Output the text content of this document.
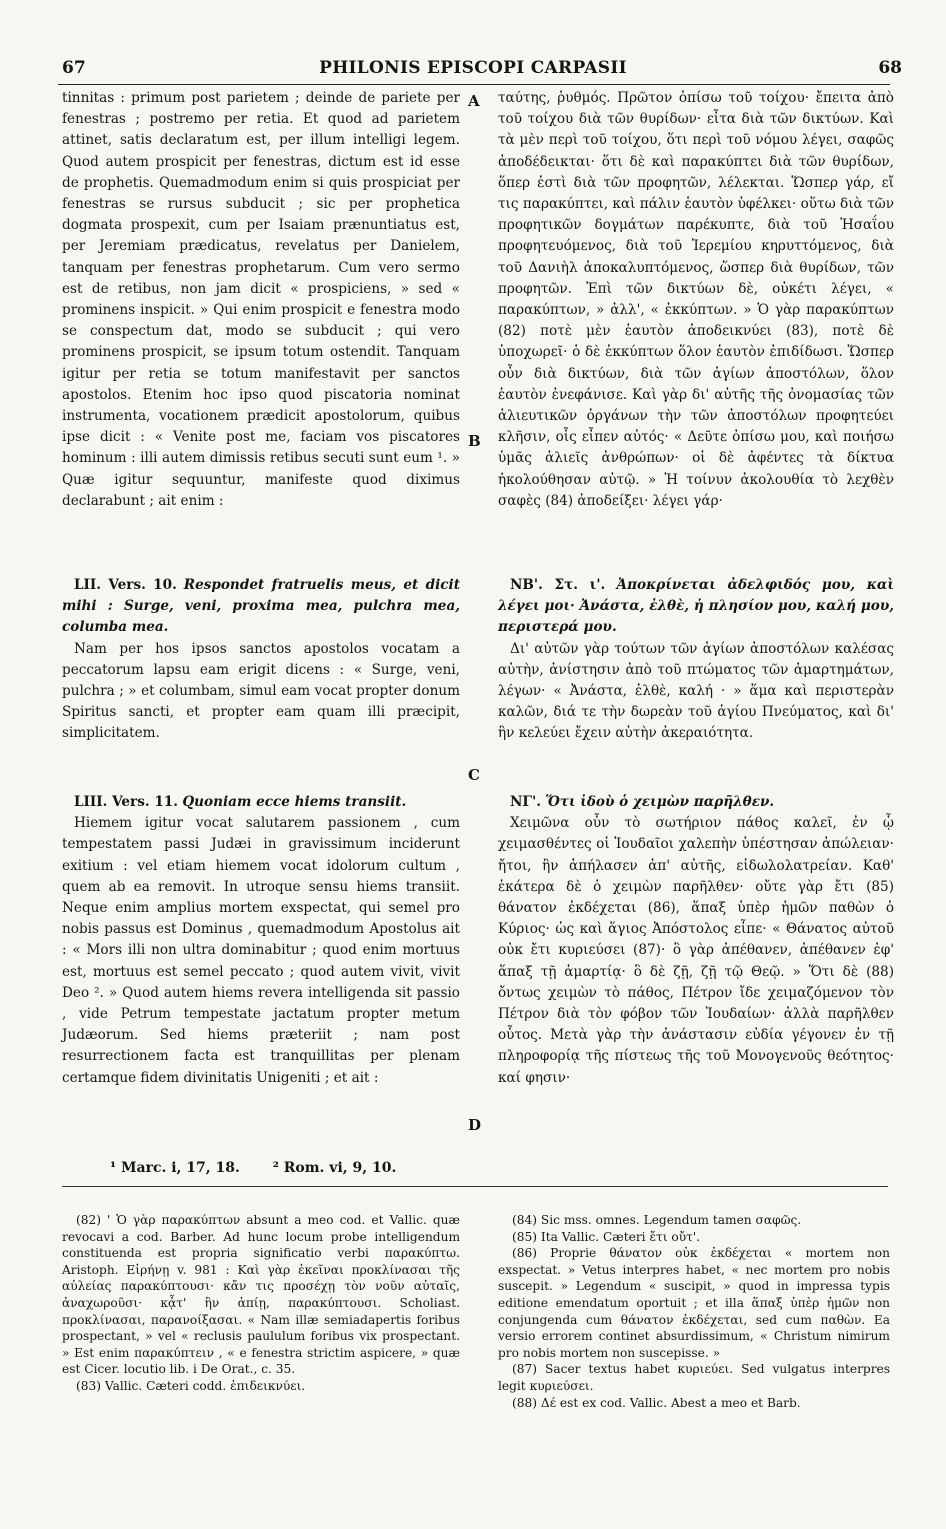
67	PHILONIS EPISCOPI CARPASII	68

tinnitas : primum post parietem ; deinde de pariete per fenestras ; postremo per retia. Et quod ad parietem attinet, satis declaratum est, per illum intelligi legem. Quod autem prospicit per fenestras, dictum est id esse de prophetis. Quemadmodum enim si quis prospiciat per fenestras se rursus subducit ; sic per prophetica dogmata prospexit, cum per Isaiam prænuntiatus est, per Jeremiam prædicatus, revelatus per Danielem, tanquam per fenestras prophetarum. Cum vero sermo est de retibus, non jam dicit « prospiciens, » sed « prominens inspicit. » Qui enim prospicit e fenestra modo se conspectum dat, modo se subducit ; qui vero prominens prospicit, se ipsum totum ostendit. Tanquam igitur per retia se totum manifestavit per sanctos apostolos. Etenim hoc ipso quod piscatoria nominat instrumenta, vocationem prædicit apostolorum, quibus ipse dicit : « Venite post me, faciam vos piscatores hominum : illi autem dimissis retibus secuti sunt eum ¹. » Quæ igitur sequuntur, manifeste quod diximus declarabunt ; ait enim :

LII. Vers. 10. Respondet fratruelis meus, et dicit mihi : Surge, veni, proxima mea, pulchra mea, columba mea.

Nam per hos ipsos sanctos apostolos vocatam a peccatorum lapsu eam erigit dicens : « Surge, veni, pulchra ; » et columbam, simul eam vocat propter donum Spiritus sancti, et propter eam quam illi præcipit, simplicitatem.

LIII. Vers. 11. Quoniam ecce hiems transiit.

Hiemem igitur vocat salutarem passionem , cum tempestatem passi Judæi in gravissimum inciderunt exitium : vel etiam hiemem vocat idolorum cultum , quem ab ea removit. In utroque sensu hiems transiit. Neque enim amplius mortem exspectat, qui semel pro nobis passus est Dominus , quemadmodum Apostolus ait : « Mors illi non ultra dominabitur ; quod enim mortuus est, mortuus est semel peccato ; quod autem vivit, vivit Deo ². » Quod autem hiems revera intelligenda sit passio , vide Petrum tempestate jactatum propter metum Judæorum. Sed hiems præteriit ; nam post resurrectionem facta est tranquillitas per plenam certamque fidem divinitatis Unigeniti ; et ait :

A
B
C
D

ταύτης, ῥυθμός. Πρῶτον ὀπίσω τοῦ τοίχου· ἔπειτα ἀπὸ τοῦ τοίχου διὰ τῶν θυρίδων· εἶτα διὰ τῶν δικτύων. Καὶ τὰ μὲν περὶ τοῦ τοίχου, ὅτι περὶ τοῦ νόμου λέγει, σαφῶς ἀποδέδεικται· ὅτι δὲ καὶ παρακύπτει διὰ τῶν θυρίδων, ὅπερ ἐστὶ διὰ τῶν προφητῶν, λέλεκται. Ὥσπερ γάρ, εἴ τις παρακύπτει, καὶ πάλιν ἑαυτὸν ὑφέλκει· οὕτω διὰ τῶν προφητικῶν δογμάτων παρέκυπτε, διὰ τοῦ Ἡσαΐου προφητευόμενος, διὰ τοῦ Ἱερεμίου κηρυττόμενος, διὰ τοῦ Δανιὴλ ἀποκαλυπτόμενος, ὥσπερ διὰ θυρίδων, τῶν προφητῶν. Ἐπὶ τῶν δικτύων δὲ, οὐκέτι λέγει, « παρακύπτων, » ἀλλ', « ἐκκύπτων. » Ὁ γὰρ παρακύπτων (82) ποτὲ μὲν ἑαυτὸν ἀποδεικνύει (83), ποτὲ δὲ ὑποχωρεῖ· ὁ δὲ ἐκκύπτων ὅλον ἑαυτὸν ἐπιδίδωσι. Ὥσπερ οὖν διὰ δικτύων, διὰ τῶν ἁγίων ἀποστόλων, ὅλον ἑαυτὸν ἐνεφάνισε. Καὶ γὰρ δι' αὐτῆς τῆς ὀνομασίας τῶν ἁλιευτικῶν ὀργάνων τὴν τῶν ἀποστόλων προφητεύει κλῆσιν, οἷς εἶπεν αὐτός· « Δεῦτε ὀπίσω μου, καὶ ποιήσω ὑμᾶς ἁλιεῖς ἀνθρώπων· οἱ δὲ ἀφέντες τὰ δίκτυα ἠκολούθησαν αὐτῷ. » Ἡ τοίνυν ἀκολουθία τὸ λεχθὲν σαφὲς (84) ἀποδείξει· λέγει γάρ·

ΝΒ'. Στ. ι'. Ἀποκρίνεται ἀδελφιδός μου, καὶ λέγει μοι· Ἀνάστα, ἐλθὲ, ἡ πλησίον μου, καλή μου, περιστερά μου.

Δι' αὐτῶν γὰρ τούτων τῶν ἁγίων ἀποστόλων καλέσας αὐτὴν, ἀνίστησιν ἀπὸ τοῦ πτώματος τῶν ἁμαρτημάτων, λέγων· « Ἀνάστα, ἐλθὲ, καλή · » ἅμα καὶ περιστερὰν καλῶν, διά τε τὴν δωρεὰν τοῦ ἁγίου Πνεύματος, καὶ δι' ἣν κελεύει ἔχειν αὐτὴν ἀκεραιότητα.

ΝΓ'. Ὅτι ἰδοὺ ὁ χειμὼν παρῆλθεν.

Χειμῶνα οὖν τὸ σωτήριον πάθος καλεῖ, ἐν ᾧ χειμασθέντες οἱ Ἰουδαῖοι χαλεπὴν ὑπέστησαν ἀπώλειαν· ἤτοι, ἣν ἀπήλασεν ἀπ' αὐτῆς, εἰδωλολατρείαν. Καθ' ἑκάτερα δὲ ὁ χειμὼν παρῆλθεν· οὔτε γὰρ ἔτι (85) θάνατον ἐκδέχεται (86), ἅπαξ ὑπὲρ ἡμῶν παθὼν ὁ Κύριος· ὡς καὶ ἅγιος Ἀπόστολος εἶπε· « Θάνατος αὐτοῦ οὐκ ἔτι κυριεύσει (87)· ὃ γὰρ ἀπέθανεν, ἀπέθανεν ἐφ' ἅπαξ τῇ ἁμαρτίᾳ· ὃ δὲ ζῇ, ζῇ τῷ Θεῷ. » Ὅτι δὲ (88) ὄντως χειμὼν τὸ πάθος, Πέτρον ἴδε χειμαζόμενον τὸν Πέτρον διὰ τὸν φόβον τῶν Ἰουδαίων· ἀλλὰ παρῆλθεν οὗτος. Μετὰ γὰρ τὴν ἀνάστασιν εὐδία γέγονεν ἐν τῇ πληροφορίᾳ τῆς πίστεως τῆς τοῦ Μονογενοῦς θεότητος· καί φησιν·

¹ Marc. i, 17, 18. ² Rom. vi, 9, 10.

(82) ' Ὁ γὰρ παρακύπτων absunt a meo cod. et Vallic. quæ revocavi a cod. Barber. Ad hunc locum probe intelligendum constituenda est propria significatio verbi παρακύπτω. Aristoph. Εἰρήνῃ v. 981 : Καὶ γὰρ ἐκεῖναι προκλίνασαι τῆς αὐλείας παρακύπτουσι· κἄν τις προσέχῃ τὸν νοῦν αὐταῖς, ἀναχωροῦσι· κᾆτ' ἣν ἀπίῃ, παρακύπτουσι. Scholiast. προκλίνασαι, παρανοίξασαι. « Nam illæ semiadapertis foribus prospectant, » vel « reclusis paululum foribus vix prospectant. » Est enim παρακύπτειν , « e fenestra strictim aspicere, » quæ est Cicer. locutio lib. i De Orat., c. 35.

(83) Vallic. Cæteri codd. ἐπιδεικνύει.

(84) Sic mss. omnes. Legendum tamen σαφῶς.

(85) Ita Vallic. Cæteri ἔτι οὔτ'.

(86) Proprie θάνατον οὐκ ἐκδέχεται « mortem non exspectat. » Vetus interpres habet, « nec mortem pro nobis suscepit. » Legendum « suscipit, » quod in impressa typis editione emendatum oportuit ; et illa ἅπαξ ὑπὲρ ἡμῶν non conjungenda cum θάνατον ἐκδέχεται, sed cum παθὼν. Ea versio errorem continet absurdissimum, « Christum nimirum pro nobis mortem non suscepisse. »

(87) Sacer textus habet κυριεύει. Sed vulgatus interpres legit κυριεύσει.

(88) Δέ est ex cod. Vallic. Abest a meo et Barb.
